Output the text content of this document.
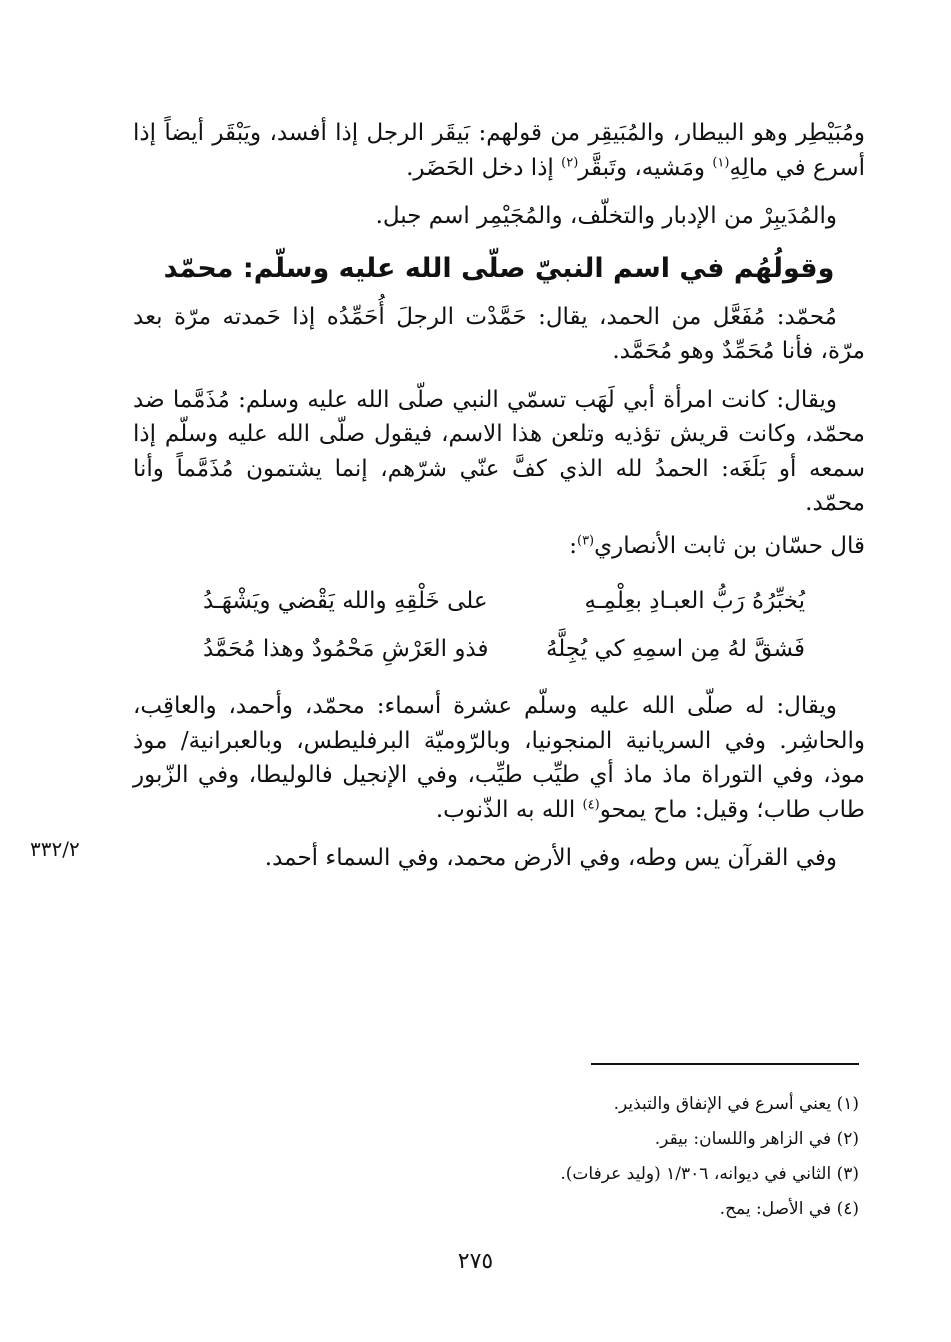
ومُبَيْطِر وهو البيطار، والمُبَيقِر من قولهم: بَيقَر الرجل إذا أفسد، ويَبْقَر أيضاً إذا أسرع في مالِهِ$^{(١)}$ ومَشيه، وتَبقَّر$^{(٢)}$ إذا دخل الحَضَر.

والمُدَيبِرْ من الإدبار والتخلّف، والمُجَيْمِر اسم جبل.

وقولُهُم في اسم النبيّ صلّى الله عليه وسلّم: محمّد

مُحمّد: مُفَعَّل من الحمد، يقال: حَمَّدْت الرجلَ أُحَمِّدُه إذا حَمدته مرّة بعد مرّة، فأنا مُحَمِّدٌ وهو مُحَمَّد.

ويقال: كانت امرأة أبي لَهَب تسمّي النبي صلّى الله عليه وسلم: مُذَمَّما ضد محمّد، وكانت قريش تؤذيه وتلعن هذا الاسم، فيقول صلّى الله عليه وسلّم إذا سمعه أو بَلَغَه: الحمدُ لله الذي كفَّ عنّي شرّهم، إنما يشتمون مُذَمَّماً وأنا محمّد.

قال حسّان بن ثابت الأنصاري$^{(٣)}$:

يُخبِّرُهُ رَبُّ العبـادِ بعِلْمِـهِ
على خَلْقِهِ والله يَقْضي ويَشْهَـدُ
فَشقَّ لهُ مِن اسمِهِ كي يُجِلَّهُ
فذو العَرْشِ مَحْمُودٌ وهذا مُحَمَّدُ

ويقال: له صلّى الله عليه وسلّم عشرة أسماء: محمّد، وأحمد، والعاقِب، والحاشِر. وفي السريانية المنجونيا، وبالرّوميّة البرفليطس، وبالعبرانية/ موذ موذ، وفي التوراة ماذ ماذ أي طيِّب طيِّب، وفي الإنجيل فالوليطا، وفي الزّبور طاب طاب؛ وقيل: ماح يمحو$^{(٤)}$ الله به الذّنوب.

وفي القرآن يس وطه، وفي الأرض محمد، وفي السماء أحمد.

٣٣٢/٢
(١) يعني أسرع في الإنفاق والتبذير.
(٢) في الزاهر واللسان: بيقر.
(٣) الثاني في ديوانه، ١/٣٠٦ (وليد عرفات).
(٤) في الأصل: يمح.
٢٧٥
